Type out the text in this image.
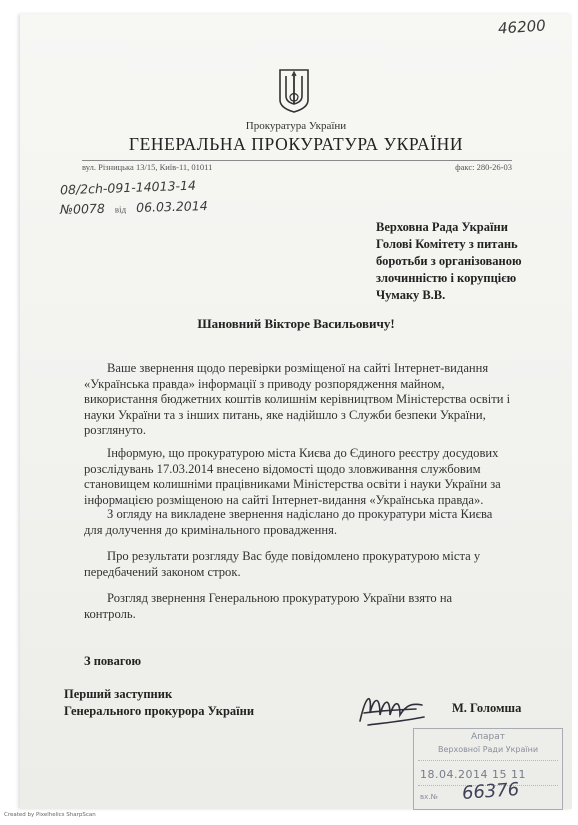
46200
Прокуратура України
ГЕНЕРАЛЬНА ПРОКУРАТУРА УКРАЇНИ
вул. Різницька 13/15, Київ-11, 01011	факс: 280-26-03
08/2ch-091-14013-14
№0078 від 06.03.2014
Верховна Рада України
Голові Комітету з питань
боротьби з організованою
злочинністю і корупцією
Чумаку В.В.
Шановний Вікторе Васильовичу!
Ваше звернення щодо перевірки розміщеної на сайті Інтернет-видання
«Українська правда» інформації з приводу розпорядження майном,
використання бюджетних коштів колишнім керівництвом Міністерства освіти і
науки України та з інших питань, яке надійшло з Служби безпеки України,
розглянуто.
Інформую, що прокуратурою міста Києва до Єдиного реєстру досудових
розслідувань 17.03.2014 внесено відомості щодо зловживання службовим
становищем колишніми працівниками Міністерства освіти і науки України за
інформацією розміщеною на сайті Інтернет-видання «Українська правда».
З огляду на викладене звернення надіслано до прокуратури міста Києва
для долучення до кримінального провадження.
Про результати розгляду Вас буде повідомлено прокуратурою міста у
передбачений законом строк.
Розгляд звернення Генеральною прокуратурою України взято на
контроль.
З повагою
Перший заступник
Генерального прокурора України	М. Голомша
Апарат
Верховної Ради України
18.04.2014 15 11
вх.№ 66376
Created by Pixelhelics SharpScan
